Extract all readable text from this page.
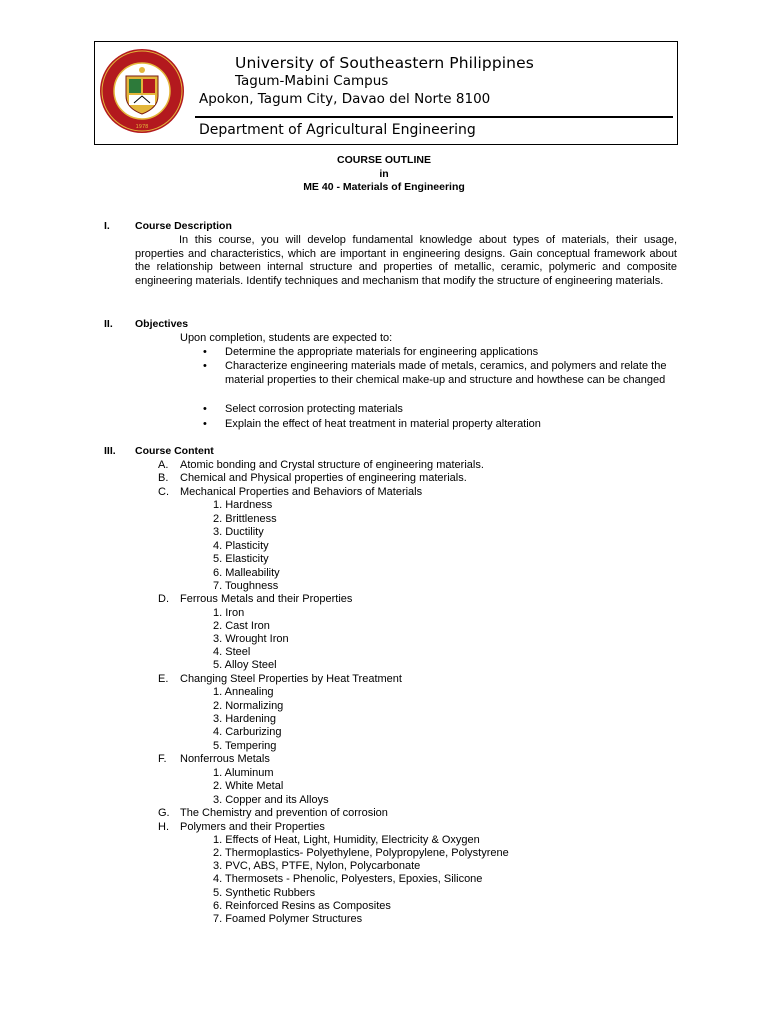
1978
University of Southeastern Philippines
Tagum-Mabini Campus
Apokon, Tagum City, Davao del Norte 8100
Department of Agricultural Engineering
COURSE OUTLINE
in
ME 40 - Materials of Engineering
I. Course Description
In this course, you will develop fundamental knowledge about types of materials, their usage, properties and characteristics, which are important in engineering designs. Gain conceptual framework about the relationship between internal structure and properties of metallic, ceramic, polymeric and composite engineering materials. Identify techniques and mechanism that modify the structure of engineering materials.
II. Objectives
Upon completion, students are expected to:
• Determine the appropriate materials for engineering applications
• Characterize engineering materials made of metals, ceramics, and polymers and relate the material properties to their chemical make-up and structure and howthese can be changed
• Select corrosion protecting materials
• Explain the effect of heat treatment in material property alteration
III. Course Content
A. Atomic bonding and Crystal structure of engineering materials.
B. Chemical and Physical properties of engineering materials.
C. Mechanical Properties and Behaviors of Materials
1. Hardness
2. Brittleness
3. Ductility
4. Plasticity
5. Elasticity
6. Malleability
7. Toughness
D. Ferrous Metals and their Properties
1. Iron
2. Cast Iron
3. Wrought Iron
4. Steel
5. Alloy Steel
E. Changing Steel Properties by Heat Treatment
1. Annealing
2. Normalizing
3. Hardening
4. Carburizing
5. Tempering
F. Nonferrous Metals
1. Aluminum
2. White Metal
3. Copper and its Alloys
G. The Chemistry and prevention of corrosion
H. Polymers and their Properties
1. Effects of Heat, Light, Humidity, Electricity & Oxygen
2. Thermoplastics- Polyethylene, Polypropylene, Polystyrene
3. PVC, ABS, PTFE, Nylon, Polycarbonate
4. Thermosets - Phenolic, Polyesters, Epoxies, Silicone
5. Synthetic Rubbers
6. Reinforced Resins as Composites
7. Foamed Polymer Structures
